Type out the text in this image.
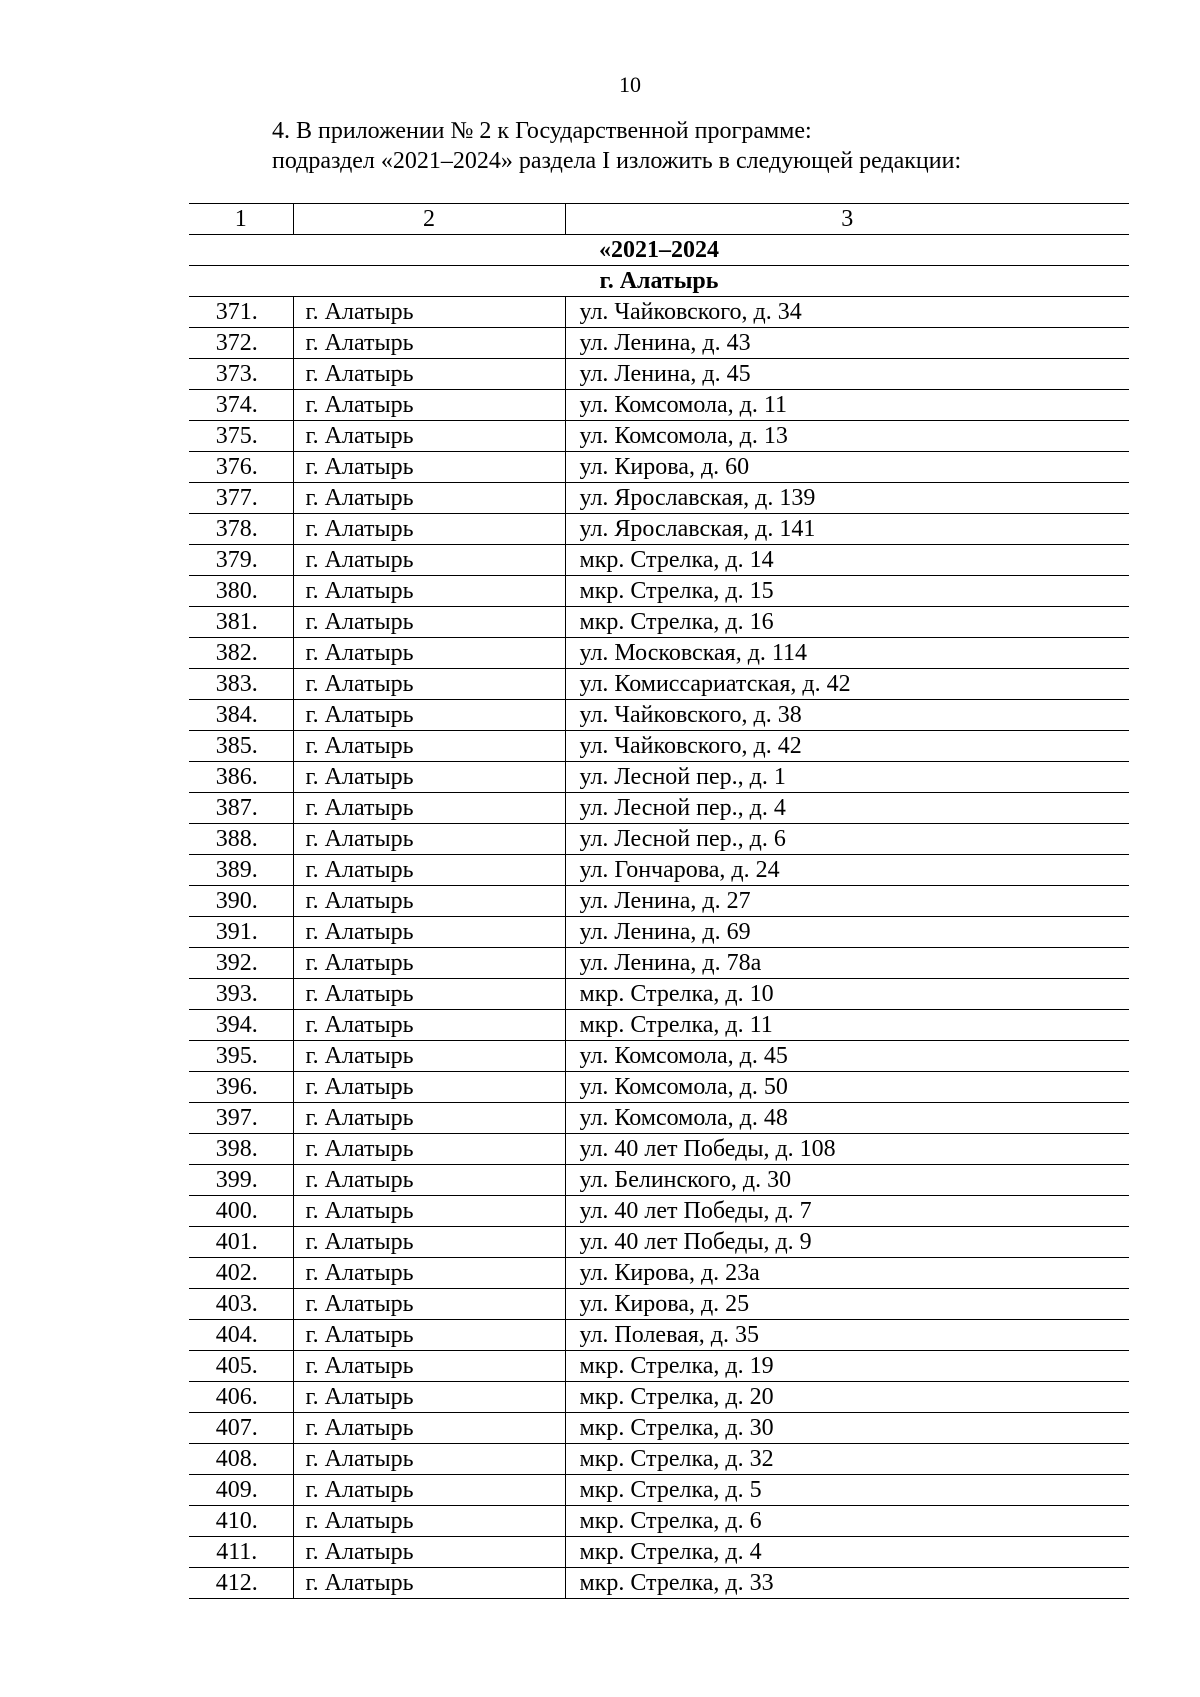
10
4. В приложении № 2 к Государственной программе:
подраздел «2021–2024» раздела I изложить в следующей редакции:
1	2	3
«2021–2024		
г. Алатырь		
371.	г. Алатырь	ул. Чайковского, д. 34
372.	г. Алатырь	ул. Ленина, д. 43
373.	г. Алатырь	ул. Ленина, д. 45
374.	г. Алатырь	ул. Комсомола, д. 11
375.	г. Алатырь	ул. Комсомола, д. 13
376.	г. Алатырь	ул. Кирова, д. 60
377.	г. Алатырь	ул. Ярославская, д. 139
378.	г. Алатырь	ул. Ярославская, д. 141
379.	г. Алатырь	мкр. Стрелка, д. 14
380.	г. Алатырь	мкр. Стрелка, д. 15
381.	г. Алатырь	мкр. Стрелка, д. 16
382.	г. Алатырь	ул. Московская, д. 114
383.	г. Алатырь	ул. Комиссариатская, д. 42
384.	г. Алатырь	ул. Чайковского, д. 38
385.	г. Алатырь	ул. Чайковского, д. 42
386.	г. Алатырь	ул. Лесной пер., д. 1
387.	г. Алатырь	ул. Лесной пер., д. 4
388.	г. Алатырь	ул. Лесной пер., д. 6
389.	г. Алатырь	ул. Гончарова, д. 24
390.	г. Алатырь	ул. Ленина, д. 27
391.	г. Алатырь	ул. Ленина, д. 69
392.	г. Алатырь	ул. Ленина, д. 78а
393.	г. Алатырь	мкр. Стрелка, д. 10
394.	г. Алатырь	мкр. Стрелка, д. 11
395.	г. Алатырь	ул. Комсомола, д. 45
396.	г. Алатырь	ул. Комсомола, д. 50
397.	г. Алатырь	ул. Комсомола, д. 48
398.	г. Алатырь	ул. 40 лет Победы, д. 108
399.	г. Алатырь	ул. Белинского, д. 30
400.	г. Алатырь	ул. 40 лет Победы, д. 7
401.	г. Алатырь	ул. 40 лет Победы, д. 9
402.	г. Алатырь	ул. Кирова, д. 23а
403.	г. Алатырь	ул. Кирова, д. 25
404.	г. Алатырь	ул. Полевая, д. 35
405.	г. Алатырь	мкр. Стрелка, д. 19
406.	г. Алатырь	мкр. Стрелка, д. 20
407.	г. Алатырь	мкр. Стрелка, д. 30
408.	г. Алатырь	мкр. Стрелка, д. 32
409.	г. Алатырь	мкр. Стрелка, д. 5
410.	г. Алатырь	мкр. Стрелка, д. 6
411.	г. Алатырь	мкр. Стрелка, д. 4
412.	г. Алатырь	мкр. Стрелка, д. 33
